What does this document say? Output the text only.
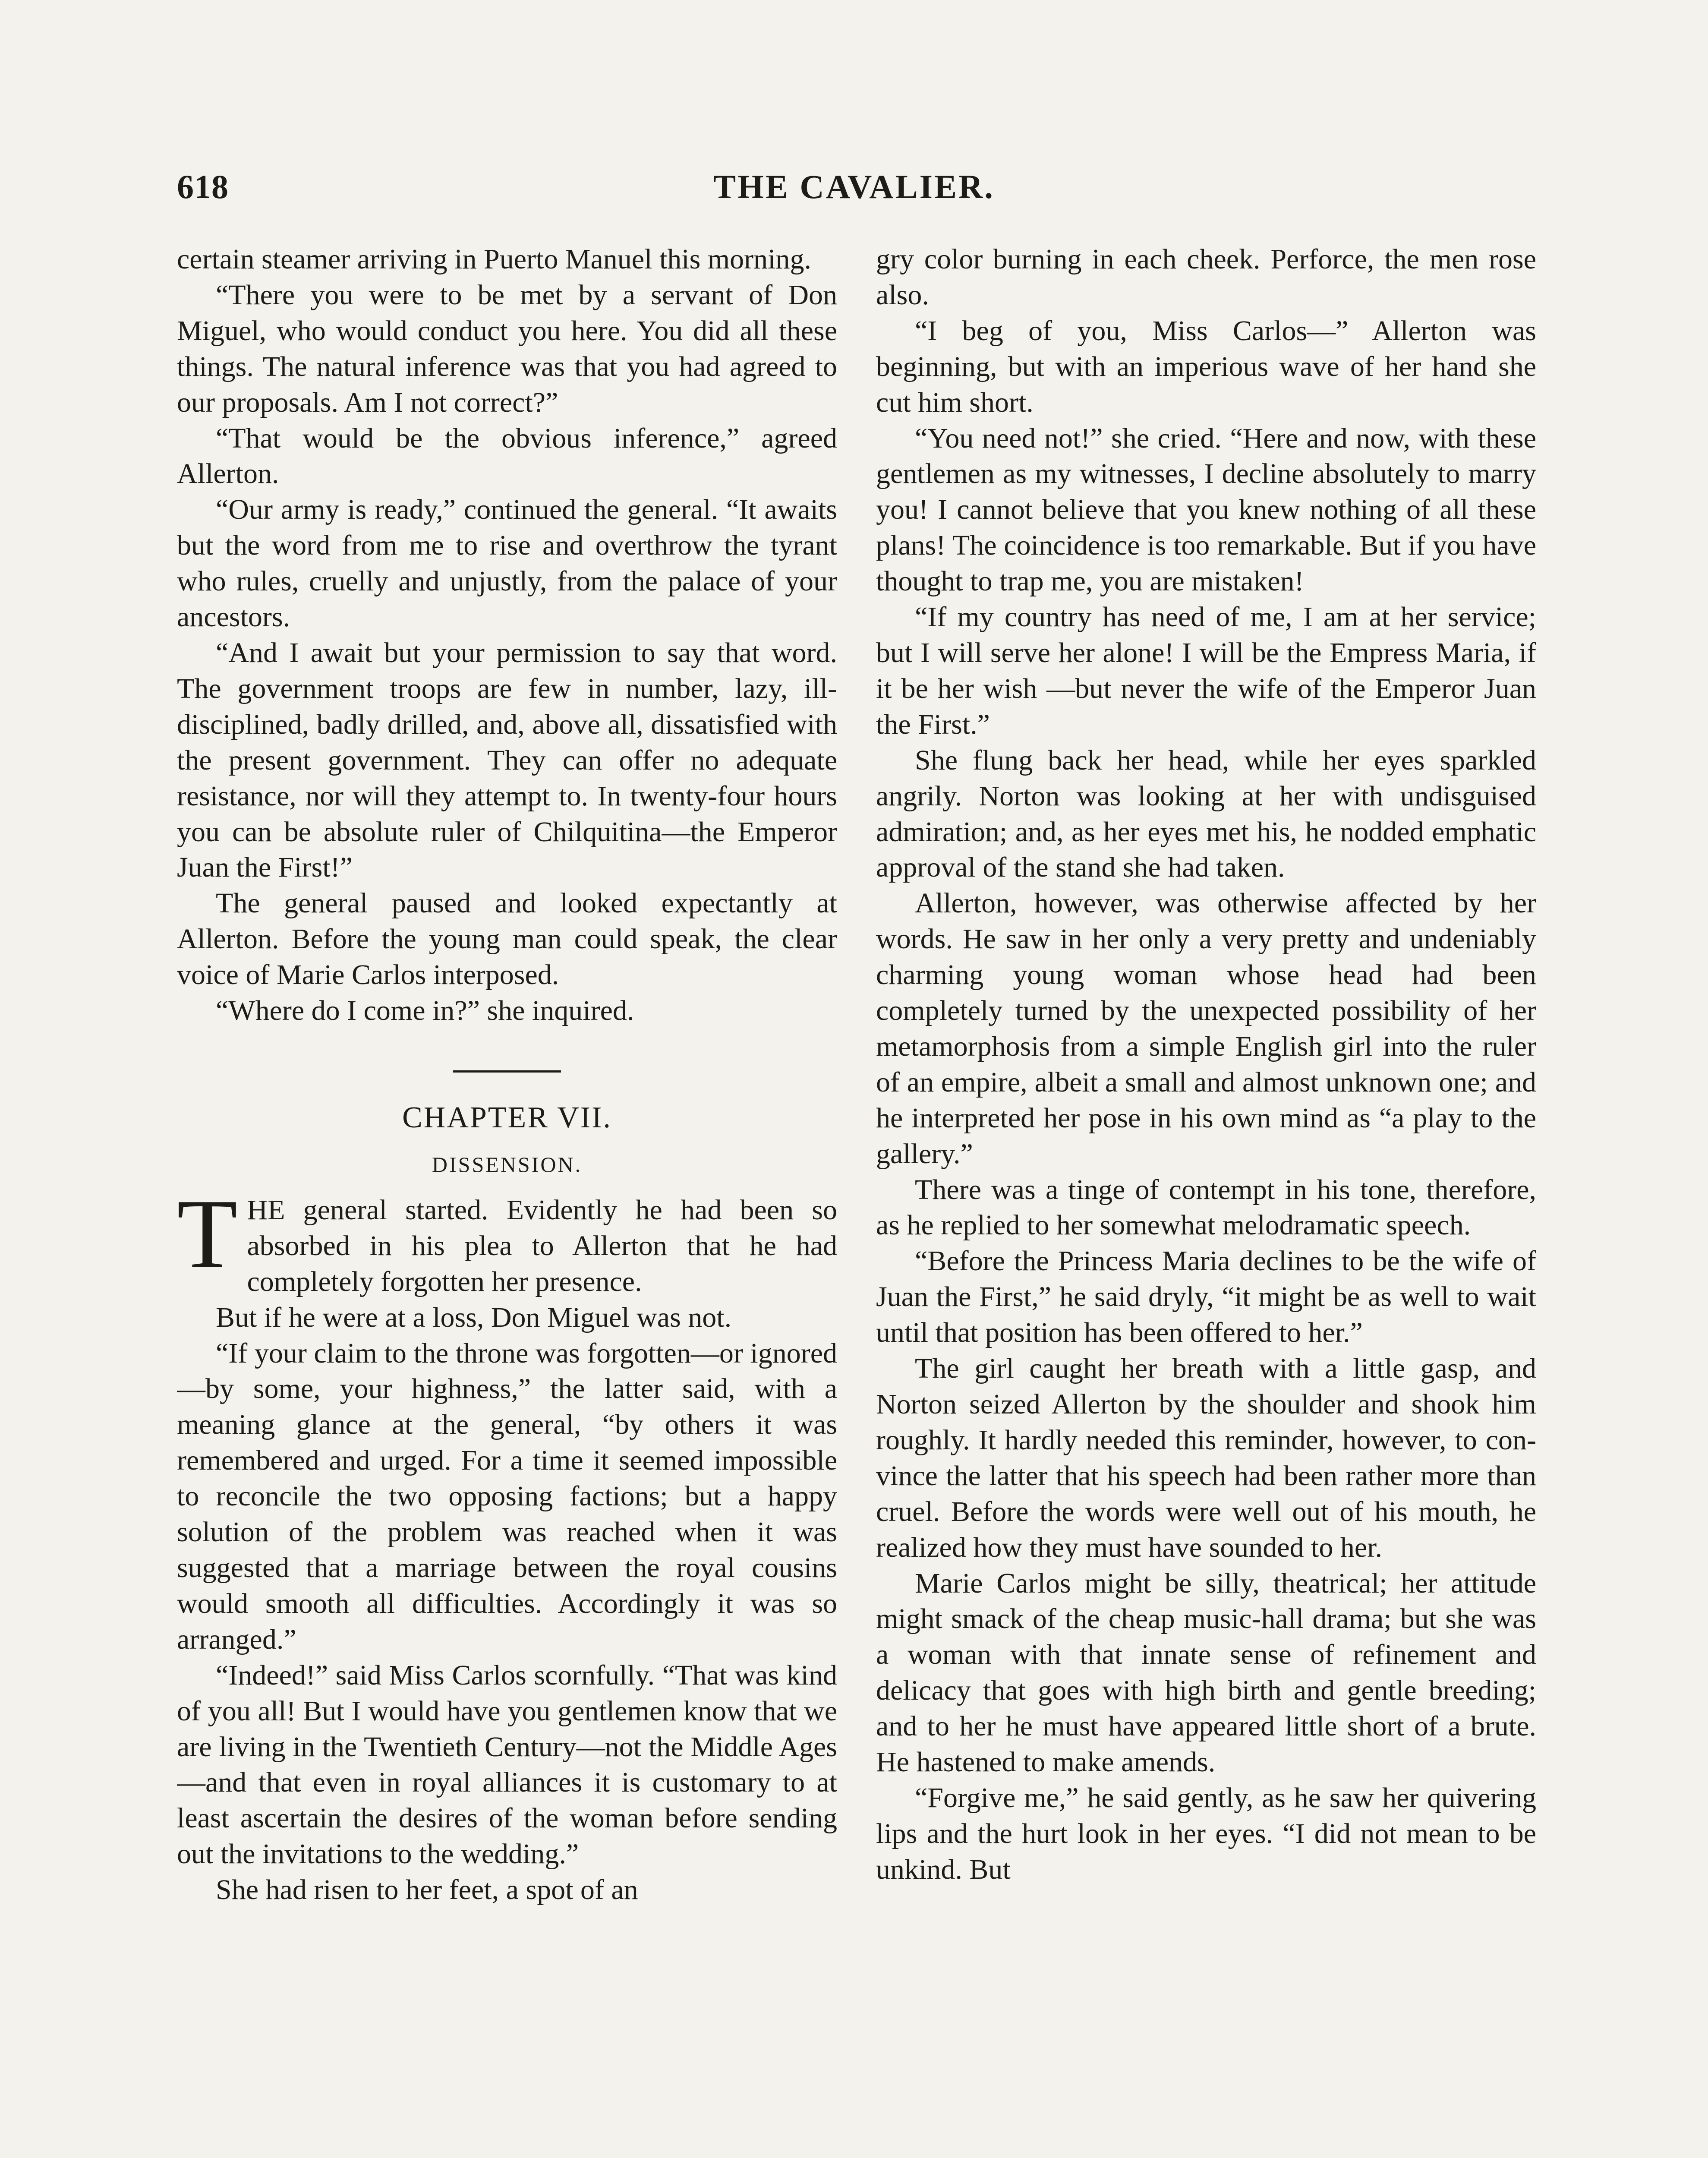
618	THE CAVALIER.

certain steamer arriving in Puerto Manuel this morning.

“There you were to be met by a servant of Don Miguel, who would conduct you here. You did all these things. The natural inference was that you had agreed to our proposals. Am I not correct?”

“That would be the obvious inference,” agreed Allerton.

“Our army is ready,” continued the general. “It awaits but the word from me to rise and overthrow the tyrant who rules, cruelly and unjustly, from the palace of your ancestors.

“And I await but your permission to say that word. The government troops are few in number, lazy, ill-disciplined, badly drilled, and, above all, dissatisfied with the present government. They can offer no adequate resistance, nor will they attempt to. In twenty-four hours you can be absolute ruler of Chilquitina—the Emperor Juan the First!”

The general paused and looked expectantly at Allerton. Before the young man could speak, the clear voice of Marie Carlos interposed.

“Where do I come in?” she inquired.

CHAPTER VII.
DISSENSION.

THE general started. Evidently he had been so absorbed in his plea to Allerton that he had completely forgotten her presence.

But if he were at a loss, Don Miguel was not.

“If your claim to the throne was forgotten—or ignored—by some, your highness,” the latter said, with a meaning glance at the general, “by others it was remembered and urged. For a time it seemed impossible to reconcile the two opposing factions; but a happy solution of the problem was reached when it was suggested that a marriage between the royal cousins would smooth all difficulties. Accordingly it was so arranged.”

“Indeed!” said Miss Carlos scornfully. “That was kind of you all! But I would have you gentlemen know that we are living in the Twentieth Century—not the Middle Ages—and that even in royal alliances it is customary to at least ascertain the desires of the woman before sending out the invitations to the wedding.”

She had risen to her feet, a spot of an

gry color burning in each cheek. Perforce, the men rose also.

“I beg of you, Miss Carlos—” Allerton was beginning, but with an imperious wave of her hand she cut him short.

“You need not!” she cried. “Here and now, with these gentlemen as my witnesses, I decline absolutely to marry you! I cannot believe that you knew nothing of all these plans! The coincidence is too remarkable. But if you have thought to trap me, you are mistaken!

“If my country has need of me, I am at her service; but I will serve her alone! I will be the Empress Maria, if it be her wish —but never the wife of the Emperor Juan the First.”

She flung back her head, while her eyes sparkled angrily. Norton was looking at her with undisguised admiration; and, as her eyes met his, he nodded emphatic approval of the stand she had taken.

Allerton, however, was otherwise affected by her words. He saw in her only a very pretty and undeniably charming young woman whose head had been completely turned by the unexpected possibility of her metamorphosis from a simple English girl into the ruler of an empire, albeit a small and almost unknown one; and he interpreted her pose in his own mind as “a play to the gallery.”

There was a tinge of contempt in his tone, therefore, as he replied to her somewhat melodramatic speech.

“Before the Princess Maria declines to be the wife of Juan the First,” he said dryly, “it might be as well to wait until that position has been offered to her.”

The girl caught her breath with a little gasp, and Norton seized Allerton by the shoulder and shook him roughly. It hardly needed this reminder, however, to convince the latter that his speech had been rather more than cruel. Before the words were well out of his mouth, he realized how they must have sounded to her.

Marie Carlos might be silly, theatrical; her attitude might smack of the cheap music-hall drama; but she was a woman with that innate sense of refinement and delicacy that goes with high birth and gentle breeding; and to her he must have appeared little short of a brute. He hastened to make amends.

“Forgive me,” he said gently, as he saw her quivering lips and the hurt look in her eyes. “I did not mean to be unkind. But
